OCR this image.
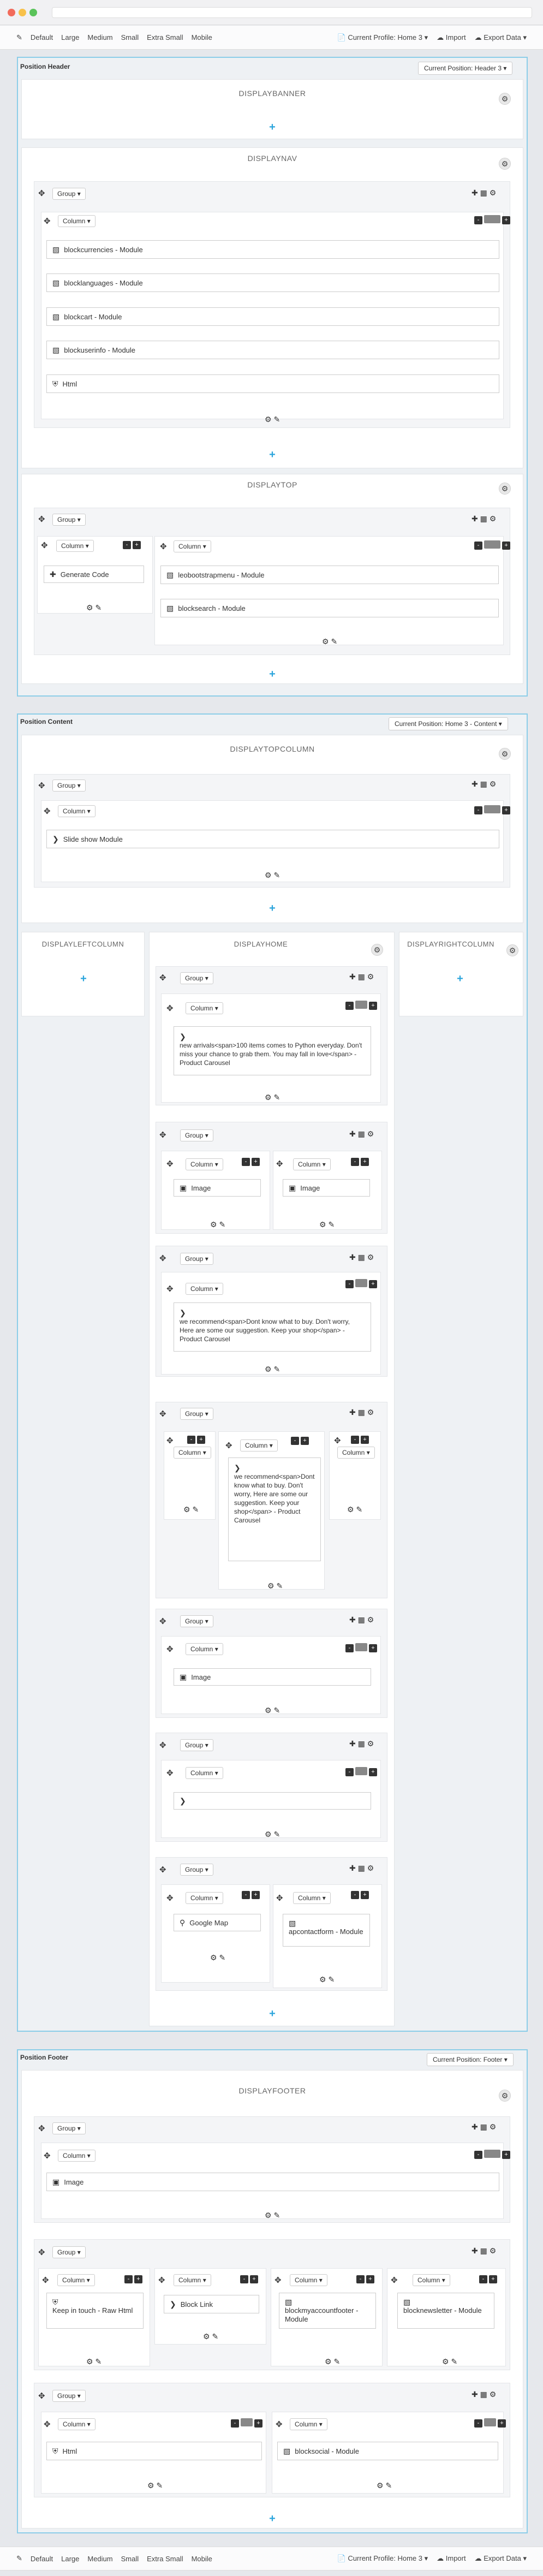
✎ Default Large Medium Small Extra Small Mobile	📄 Current Profile: Home 3 ▾ ☁ Import ☁ Export Data ▾
Position Header	Current Position: Header 3 ▾
DISPLAYBANNER
⚙
+
DISPLAYNAV
⚙
✥	Group ▾	✚ ▦ ⚙
✥	Column ▾	-	+
▧ blockcurrencies - Module
▧ blocklanguages - Module
▧ blockcart - Module
▧ blockuserinfo - Module
⛨ Html
⚙ ✎
+
DISPLAYTOP	⚙
✥	Group ▾	✚ ▦ ⚙
✥	Column ▾	- +
✚ Generate Code
⚙ ✎
✥	Column ▾	-	+
▧ leobootstrapmenu - Module
▧ blocksearch - Module
⚙ ✎
+
Position Content	Current Position: Home 3 - Content ▾
DISPLAYTOPCOLUMN
⚙
✥	Group ▾	✚ ▦ ⚙
✥	Column ▾	-	+
❯ Slide show Module
⚙ ✎
+
DISPLAYLEFTCOLUMN
+
DISPLAYRIGHTCOLUMN
⚙
+
DISPLAYHOME
⚙
✥	Group ▾	✚ ▦ ⚙
✥	Column ▾	-	+
❯
new arrivals<span>100 items comes to Python everyday. Don't miss your chance to grab them. You may fall in love</span> - Product Carousel
⚙ ✎
✥	Group ▾	✚ ▦ ⚙
✥	Column ▾	- +
▣ Image
⚙ ✎
✥	Column ▾	- +
▣ Image
⚙ ✎
✥	Group ▾	✚ ▦ ⚙
✥	Column ▾
-	+
❯
we recommend<span>Dont know what to buy. Don't worry, Here are some our suggestion. Keep your shop</span> - Product Carousel
⚙ ✎
✥	Group ▾	✚ ▦ ⚙
✥	- +
Column ▾
⚙ ✎
✥	Column ▾
- +
❯
we recommend<span>Dont know what to buy. Don't worry, Here are some our suggestion. Keep your shop</span> - Product Carousel
⚙ ✎
✥	- +
Column ▾
⚙ ✎
✥	Group ▾	✚ ▦ ⚙
✥	Column ▾	-	+
▣ Image
⚙ ✎
✥	Group ▾	✚ ▦ ⚙
✥	Column ▾	-	+
❯
⚙ ✎
✥	Group ▾	✚ ▦ ⚙
✥	Column ▾	- +
⚲ Google Map
⚙ ✎
✥	Column ▾	- +
▧
apcontactform - Module
⚙ ✎
+
Position Footer	Current Position: Footer ▾
DISPLAYFOOTER
⚙
✥	Group ▾	✚ ▦ ⚙
✥	Column ▾	-	+
▣ Image
⚙ ✎
✥	Group ▾	✚ ▦ ⚙
✥	Column ▾	- +
⛨
Keep in touch - Raw Html
⚙ ✎
✥	Column ▾	- +
❯ Block Link
⚙ ✎
✥	Column ▾	- +
▧
blockmyaccountfooter - Module
⚙ ✎
✥	Column ▾	- +
▧
blocknewsletter - Module
⚙ ✎
✥	Group ▾	✚ ▦ ⚙
✥	Column ▾	-	+
⛨ Html
⚙ ✎
✥	Column ▾	-	+
▧ blocksocial - Module
⚙ ✎
+
✎ Default Large Medium Small Extra Small Mobile	📄 Current Profile: Home 3 ▾ ☁ Import ☁ Export Data ▾
